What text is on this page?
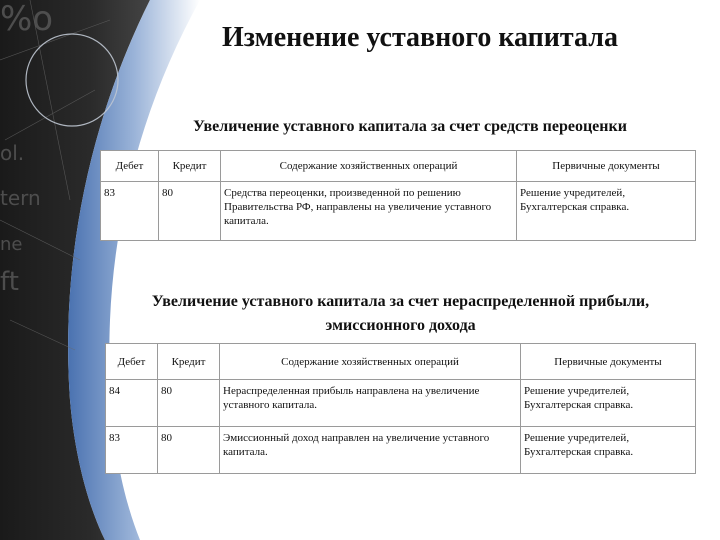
%o
ol.
tern
ne
ft
Изменение уставного капитала
Увеличение уставного капитала за счет средств переоценки
Дебет	Кредит	Содержание хозяйственных операций	Первичные документы
83	80	Средства переоценки, произведенной по решению Правительства РФ, направлены на увеличение уставного капитала.	Решение учредителей, Бухгалтерская справка.
Увеличение уставного капитала за счет нераспределенной прибыли, эмиссионного дохода
Дебет	Кредит	Содержание хозяйственных операций	Первичные документы
84	80	Нераспределенная прибыль направлена на увеличение уставного капитала.	Решение учредителей, Бухгалтерская справка.
83	80	Эмиссионный доход направлен на увеличение уставного капитала.	Решение учредителей, Бухгалтерская справка.
